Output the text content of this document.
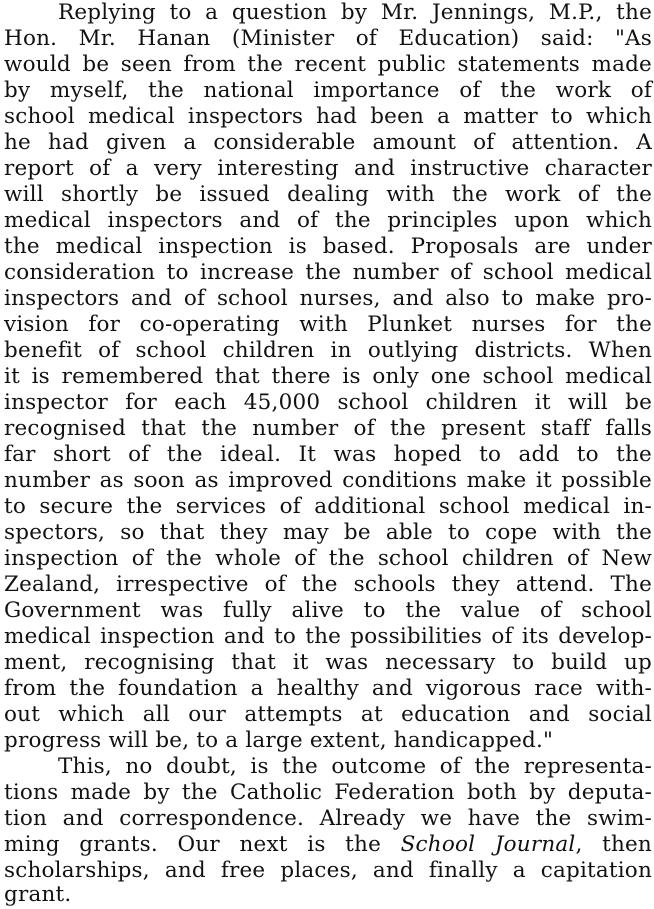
Replying to a question by Mr. Jennings, M.P., the
Hon. Mr. Hanan (Minister of Education) said: "As
would be seen from the recent public statements made
by myself, the national importance of the work of
school medical inspectors had been a matter to which
he had given a considerable amount of attention. A
report of a very interesting and instructive character
will shortly be issued dealing with the work of the
medical inspectors and of the principles upon which
the medical inspection is based. Proposals are under
consideration to increase the number of school medical
inspectors and of school nurses, and also to make pro-
vision for co-operating with Plunket nurses for the
benefit of school children in outlying districts. When
it is remembered that there is only one school medical
inspector for each 45,000 school children it will be
recognised that the number of the present staff falls
far short of the ideal. It was hoped to add to the
number as soon as improved conditions make it possible
to secure the services of additional school medical in-
spectors, so that they may be able to cope with the
inspection of the whole of the school children of New
Zealand, irrespective of the schools they attend. The
Government was fully alive to the value of school
medical inspection and to the possibilities of its develop-
ment, recognising that it was necessary to build up
from the foundation a healthy and vigorous race with-
out which all our attempts at education and social
progress will be, to a large extent, handicapped."
This, no doubt, is the outcome of the representa-
tions made by the Catholic Federation both by deputa-
tion and correspondence. Already we have the swim-
ming grants. Our next is the School Journal, then
scholarships, and free places, and finally a capitation
grant.
